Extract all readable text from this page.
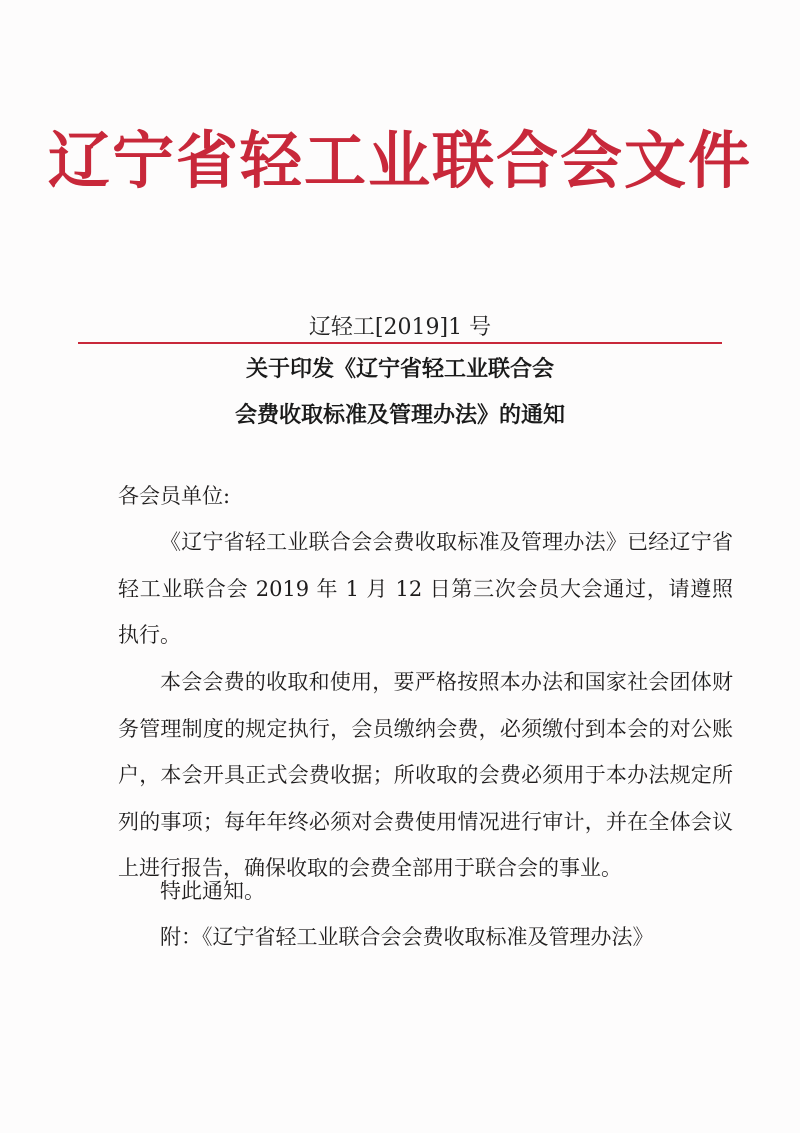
辽宁省轻工业联合会文件
辽轻工[2019]1 号
关于印发《辽宁省轻工业联合会
会费收取标准及管理办法》的通知

各会员单位:

《辽宁省轻工业联合会会费收取标准及管理办法》已经辽宁省轻工业联合会 2019 年 1 月 12 日第三次会员大会通过，请遵照执行。

本会会费的收取和使用，要严格按照本办法和国家社会团体财务管理制度的规定执行，会员缴纳会费，必须缴付到本会的对公账户，本会开具正式会费收据；所收取的会费必须用于本办法规定所列的事项；每年年终必须对会费使用情况进行审计，并在全体会议上进行报告，确保收取的会费全部用于联合会的事业。

特此通知。

附：《辽宁省轻工业联合会会费收取标准及管理办法》
